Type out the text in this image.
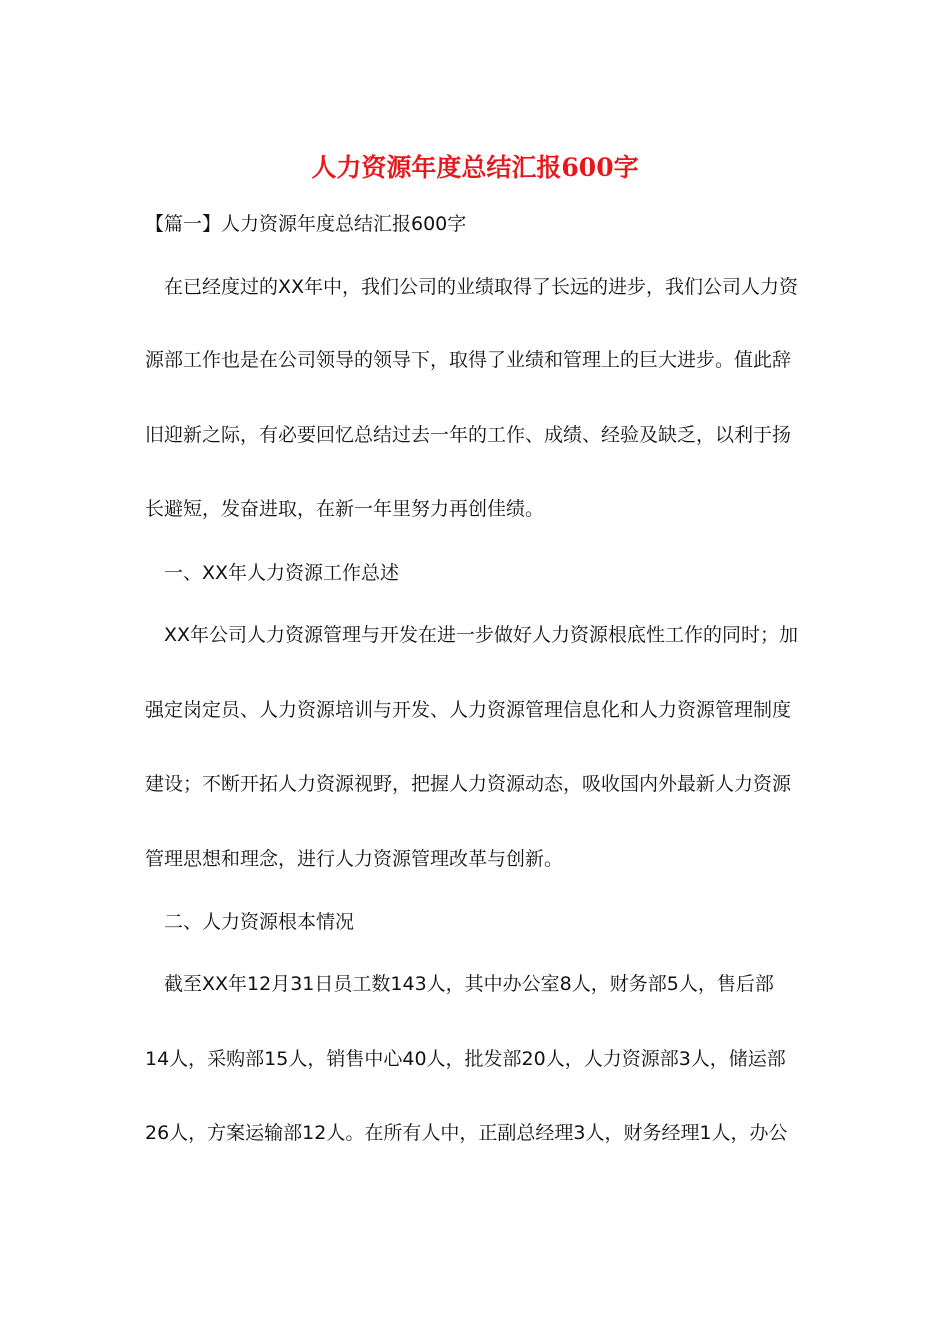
人力资源年度总结汇报600字

【篇一】人力资源年度总结汇报600字

在已经度过的XX年中，我们公司的业绩取得了长远的进步，我们公司人力资

源部工作也是在公司领导的领导下，取得了业绩和管理上的巨大进步。值此辞

旧迎新之际，有必要回忆总结过去一年的工作、成绩、经验及缺乏，以利于扬

长避短，发奋进取，在新一年里努力再创佳绩。

一、XX年人力资源工作总述

XX年公司人力资源管理与开发在进一步做好人力资源根底性工作的同时；加

强定岗定员、人力资源培训与开发、人力资源管理信息化和人力资源管理制度

建设；不断开拓人力资源视野，把握人力资源动态，吸收国内外最新人力资源

管理思想和理念，进行人力资源管理改革与创新。

二、人力资源根本情况

截至XX年12月31日员工数143人，其中办公室8人，财务部5人，售后部

14人，采购部15人，销售中心40人，批发部20人，人力资源部3人，储运部

26人，方案运输部12人。在所有人中，正副总经理3人，财务经理1人，办公
